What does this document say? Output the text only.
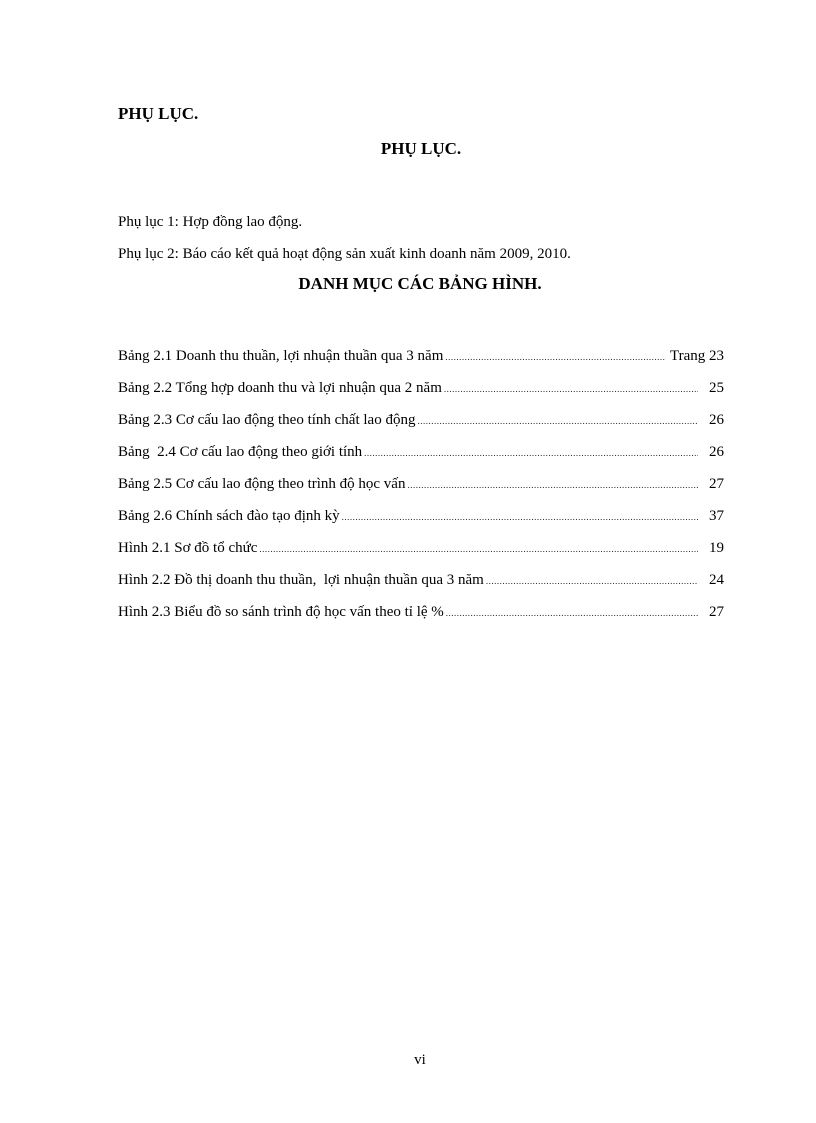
PHỤ LỤC.
PHỤ LỤC.
Phụ lục 1: Hợp đồng lao động.
Phụ lục 2: Báo cáo kết quả hoạt động sản xuất kinh doanh năm 2009, 2010.
DANH MỤC CÁC BẢNG HÌNH.
Bảng 2.1 Doanh thu thuần, lợi nhuận thuần qua 3 năm .....	Trang 23
Bảng 2.2 Tổng hợp doanh thu và lợi nhuận qua 2 năm .....	25
Bảng 2.3 Cơ cấu lao động theo tính chất lao động .....	26
Bảng  2.4 Cơ cấu lao động theo giới tính .....	26
Bảng 2.5 Cơ cấu lao động theo trình độ học vấn .....	27
Bảng 2.6 Chính sách đào tạo định kỳ .....	37
Hình 2.1 Sơ đồ tổ chức .....	19
Hình 2.2 Đồ thị doanh thu thuần,  lợi nhuận thuần qua 3 năm .....	24
Hình 2.3 Biểu đồ so sánh trình độ học vấn theo tỉ lệ % .....	27
vi
